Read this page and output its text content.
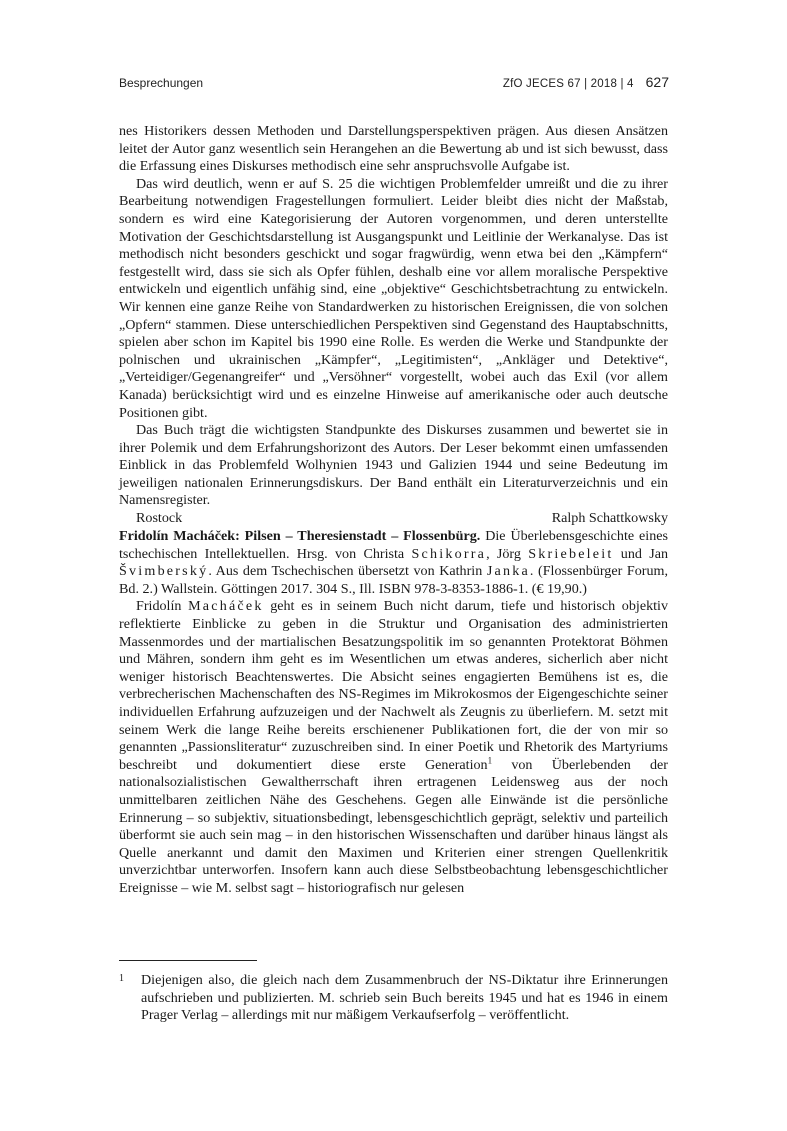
Besprechungen	ZfO JECES 67 | 2018 | 4 627

nes Historikers dessen Methoden und Darstellungsperspektiven prägen. Aus diesen Ansätzen leitet der Autor ganz wesentlich sein Herangehen an die Bewertung ab und ist sich bewusst, dass die Erfassung eines Diskurses methodisch eine sehr anspruchsvolle Aufgabe ist.

Das wird deutlich, wenn er auf S. 25 die wichtigen Problemfelder umreißt und die zu ihrer Bearbeitung notwendigen Fragestellungen formuliert. Leider bleibt dies nicht der Maßstab, sondern es wird eine Kategorisierung der Autoren vorgenommen, und deren unterstellte Motivation der Geschichtsdarstellung ist Ausgangspunkt und Leitlinie der Werkanalyse. Das ist methodisch nicht besonders geschickt und sogar fragwürdig, wenn etwa bei den „Kämpfern“ festgestellt wird, dass sie sich als Opfer fühlen, deshalb eine vor allem moralische Perspektive entwickeln und eigentlich unfähig sind, eine „objektive“ Geschichtsbetrachtung zu entwickeln. Wir kennen eine ganze Reihe von Standardwerken zu historischen Ereignissen, die von solchen „Opfern“ stammen. Diese unterschiedlichen Perspektiven sind Gegenstand des Hauptabschnitts, spielen aber schon im Kapitel bis 1990 eine Rolle. Es werden die Werke und Standpunkte der polnischen und ukrainischen „Kämpfer“, „Legitimisten“, „Ankläger und Detektive“, „Verteidiger/Gegenangreifer“ und „Versöhner“ vorgestellt, wobei auch das Exil (vor allem Kanada) berücksichtigt wird und es einzelne Hinweise auf amerikanische oder auch deutsche Positionen gibt.

Das Buch trägt die wichtigsten Standpunkte des Diskurses zusammen und bewertet sie in ihrer Polemik und dem Erfahrungshorizont des Autors. Der Leser bekommt einen umfassenden Einblick in das Problemfeld Wolhynien 1943 und Galizien 1944 und seine Bedeutung im jeweiligen nationalen Erinnerungsdiskurs. Der Band enthält ein Literaturverzeichnis und ein Namensregister.

Rostock	Ralph Schattkowsky

Fridolín Macháček: Pilsen – Theresienstadt – Flossenbürg. Die Überlebensgeschichte eines tschechischen Intellektuellen. Hrsg. von Christa Schikorra, Jörg Skriebeleit und Jan Švimberský. Aus dem Tschechischen übersetzt von Kathrin Janka. (Flossenbürger Forum, Bd. 2.) Wallstein. Göttingen 2017. 304 S., Ill. ISBN 978-3-8353-1886-1. (€ 19,90.)

Fridolín Macháček geht es in seinem Buch nicht darum, tiefe und historisch objektiv reflektierte Einblicke zu geben in die Struktur und Organisation des administrierten Massenmordes und der martialischen Besatzungspolitik im so genannten Protektorat Böhmen und Mähren, sondern ihm geht es im Wesentlichen um etwas anderes, sicherlich aber nicht weniger historisch Beachtenswertes. Die Absicht seines engagierten Bemühens ist es, die verbrecherischen Machenschaften des NS-Regimes im Mikrokosmos der Eigengeschichte seiner individuellen Erfahrung aufzuzeigen und der Nachwelt als Zeugnis zu überliefern. M. setzt mit seinem Werk die lange Reihe bereits erschienener Publikationen fort, die der von mir so genannten „Passionsliteratur“ zuzuschreiben sind. In einer Poetik und Rhetorik des Martyriums beschreibt und dokumentiert diese erste Generation$^1$ von Überlebenden der nationalsozialistischen Gewaltherrschaft ihren ertragenen Leidensweg aus der noch unmittelbaren zeitlichen Nähe des Geschehens. Gegen alle Einwände ist die persönliche Erinnerung – so subjektiv, situationsbedingt, lebensgeschichtlich geprägt, selektiv und parteilich überformt sie auch sein mag – in den historischen Wissenschaften und darüber hinaus längst als Quelle anerkannt und damit den Maximen und Kriterien einer strengen Quellenkritik unverzichtbar unterworfen. Insofern kann auch diese Selbstbeobachtung lebensgeschichtlicher Ereignisse – wie M. selbst sagt – historiografisch nur gelesen

1 Diejenigen also, die gleich nach dem Zusammenbruch der NS-Diktatur ihre Erinnerungen aufschrieben und publizierten. M. schrieb sein Buch bereits 1945 und hat es 1946 in einem Prager Verlag – allerdings mit nur mäßigem Verkaufserfolg – veröffentlicht.
